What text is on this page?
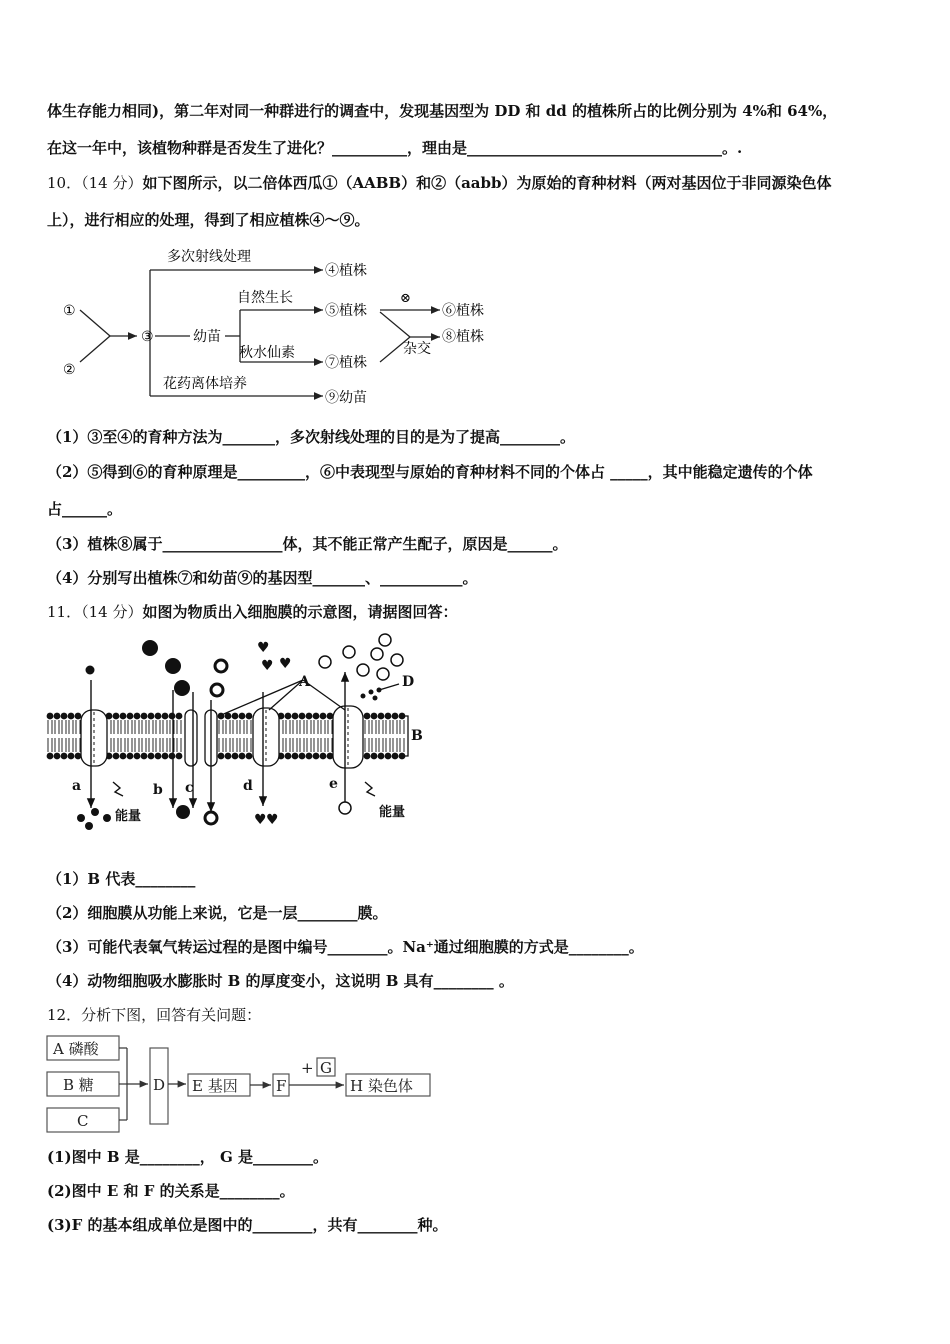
体生存能力相同)，第二年对同一种群进行的调查中，发现基因型为 DD 和 dd 的植株所占的比例分别为 4%和 64%，
在这一年中，该植物种群是否发生了进化？__________，理由是__________________________________。.
10．（14 分）如下图所示，以二倍体西瓜①（AABB）和②（aabb）为原始的育种材料（两对基因位于非同源染色体
上），进行相应的处理，得到了相应植株④～⑨。
①
②
③	幼苗
多次射线处理
自然生长
秋水仙素
花药离体培养
⊗
杂交
④植株
⑤植株	⑥植株
⑦植株
⑧植株
⑨幼苗
（1）③至④的育种方法为_______，多次射线处理的目的是为了提高________。
（2）⑤得到⑥的育种原理是_________，⑥中表现型与原始的育种材料不同的个体占 _____，其中能稳定遗传的个体
占______。
（3）植株⑧属于________________体，其不能正常产生配子，原因是______。
（4）分别写出植株⑦和幼苗⑨的基因型_______、___________。
11．（14 分）如图为物质出入细胞膜的示意图，请据图回答：
♥
♥ ♥
♥ ♥
A
B
D
a	b c	d	e
能量	能量
（1）B 代表________
（2）细胞膜从功能上来说，它是一层________膜。
（3）可能代表氧气转运过程的是图中编号________。Na⁺通过细胞膜的方式是________。
（4）动物细胞吸水膨胀时 B 的厚度变小，这说明 B 具有________ 。
12．分析下图，回答有关问题：
A 磷酸
B 糖
C
D E 基因	F
+ G
H 染色体
(1)图中 B 是________， G 是________。
(2)图中 E 和 F 的关系是________。
(3)F 的基本组成单位是图中的________，共有________种。
